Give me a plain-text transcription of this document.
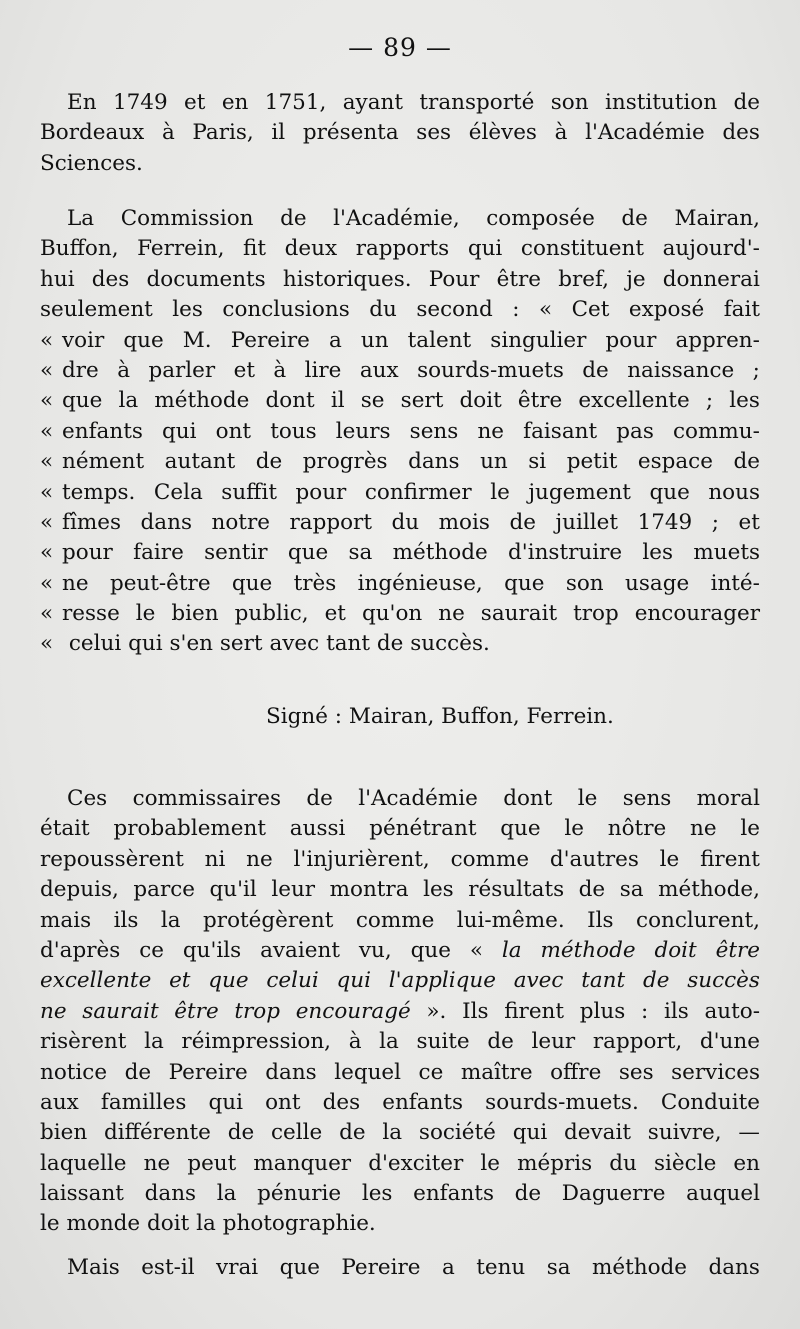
— 89 —
En 1749 et en 1751, ayant transporté son institution de
Bordeaux à Paris, il présenta ses élèves à l'Académie des
Sciences.
La Commission de l'Académie, composée de Mairan,
Buffon, Ferrein, fit deux rapports qui constituent aujourd'-
hui des documents historiques. Pour être bref, je donnerai
seulement les conclusions du second : « Cet exposé fait
« voir que M. Pereire a un talent singulier pour appren-
« dre à parler et à lire aux sourds-muets de naissance ;
« que la méthode dont il se sert doit être excellente ; les
« enfants qui ont tous leurs sens ne faisant pas commu-
« nément autant de progrès dans un si petit espace de
« temps. Cela suffit pour confirmer le jugement que nous
« fîmes dans notre rapport du mois de juillet 1749 ; et
« pour faire sentir que sa méthode d'instruire les muets
« ne peut-être que très ingénieuse, que son usage inté-
« resse le bien public, et qu'on ne saurait trop encourager
« celui qui s'en sert avec tant de succès.
Signé : Mairan, Buffon, Ferrein.
Ces commissaires de l'Académie dont le sens moral
était probablement aussi pénétrant que le nôtre ne le
repoussèrent ni ne l'injurièrent, comme d'autres le firent
depuis, parce qu'il leur montra les résultats de sa méthode,
mais ils la protégèrent comme lui-même. Ils conclurent,
d'après ce qu'ils avaient vu, que « la méthode doit être
excellente et que celui qui l'applique avec tant de succès
ne saurait être trop encouragé ». Ils firent plus : ils auto-
risèrent la réimpression, à la suite de leur rapport, d'une
notice de Pereire dans lequel ce maître offre ses services
aux familles qui ont des enfants sourds-muets. Conduite
bien différente de celle de la société qui devait suivre, —
laquelle ne peut manquer d'exciter le mépris du siècle en
laissant dans la pénurie les enfants de Daguerre auquel
le monde doit la photographie.
Mais est-il vrai que Pereire a tenu sa méthode dans
